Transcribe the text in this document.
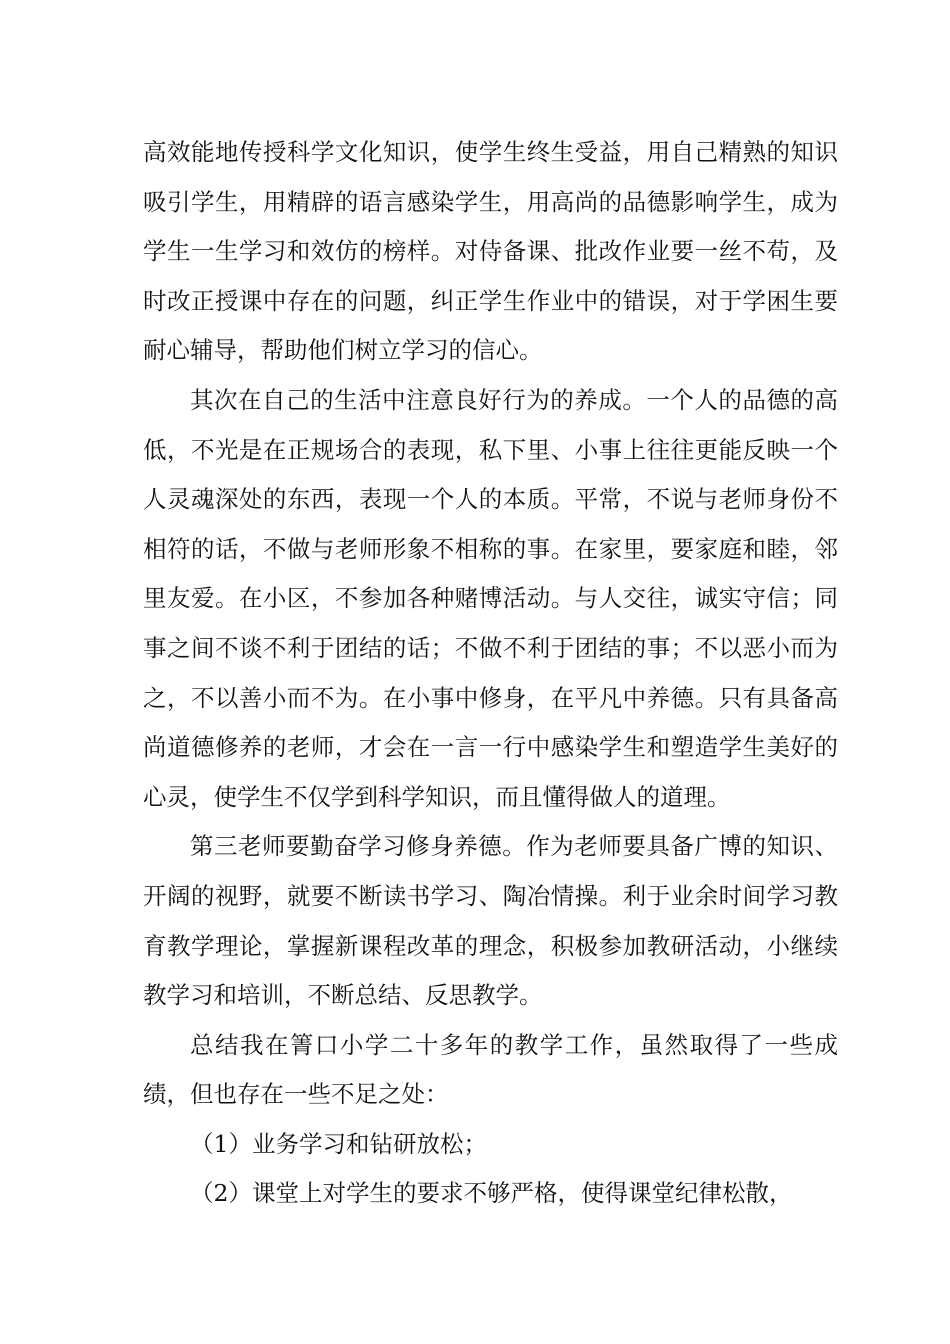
高效能地传授科学文化知识，使学生终生受益，用自己精熟的知识吸引学生，用精辟的语言感染学生，用高尚的品德影响学生，成为学生一生学习和效仿的榜样。对侍备课、批改作业要一丝不苟，及时改正授课中存在的问题，纠正学生作业中的错误，对于学困生要耐心辅导，帮助他们树立学习的信心。

其次在自己的生活中注意良好行为的养成。一个人的品德的高低，不光是在正规场合的表现，私下里、小事上往往更能反映一个人灵魂深处的东西，表现一个人的本质。平常，不说与老师身份不相符的话，不做与老师形象不相称的事。在家里，要家庭和睦，邻里友爱。在小区，不参加各种赌博活动。与人交往，诚实守信；同事之间不谈不利于团结的话；不做不利于团结的事；不以恶小而为之，不以善小而不为。在小事中修身，在平凡中养德。只有具备高尚道德修养的老师，才会在一言一行中感染学生和塑造学生美好的心灵，使学生不仅学到科学知识，而且懂得做人的道理。

第三老师要勤奋学习修身养德。作为老师要具备广博的知识、开阔的视野，就要不断读书学习、陶冶情操。利于业余时间学习教育教学理论，掌握新课程改革的理念，积极参加教研活动，小继续教学习和培训，不断总结、反思教学。

总结我在箐口小学二十多年的教学工作，虽然取得了一些成绩，但也存在一些不足之处：

（1）业务学习和钻研放松；

（2）课堂上对学生的要求不够严格，使得课堂纪律松散，
